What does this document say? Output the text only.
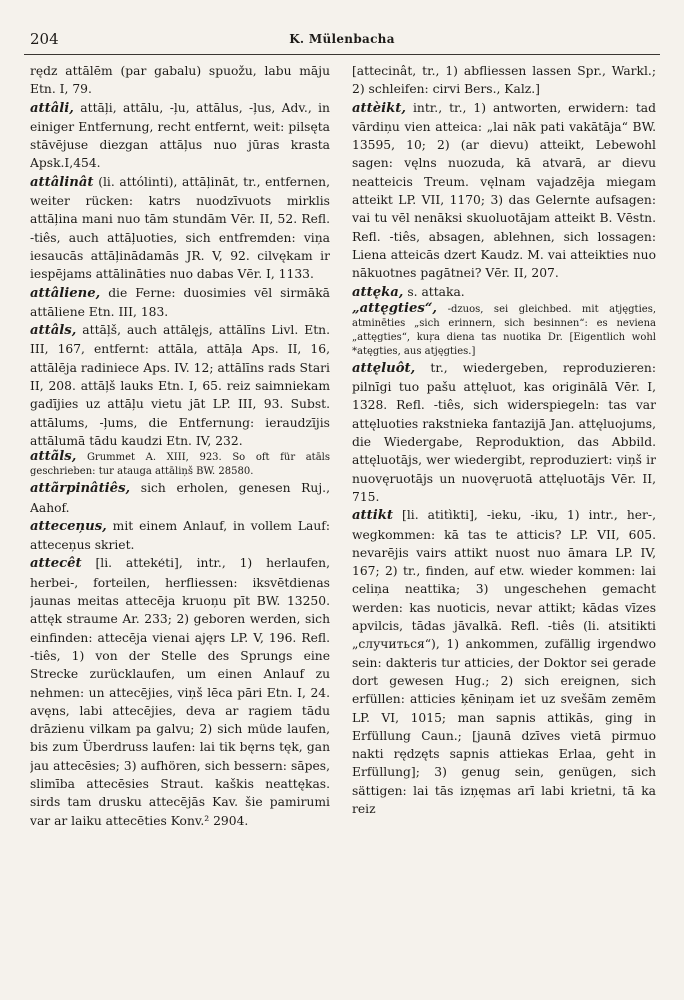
204	K. Mülenbacha

rędz attālēm (par gabalu) spuožu, labu māju Etn. I, 79.

attâli, attāļi, attālu, -ļu, attālus, -ļus, Adv., in einiger Entfernung, recht entfernt, weit: pilsęta stāvējuse diezgan attāļus nuo jūras krasta Apsk.I,454.

attâlinât (li. attólinti), attāļināt, tr., entfernen, weiter rücken: katrs nuodzīvuots mirklis attāļina mani nuo tām stundām Vēr. II, 52. Refl. -tiês, auch attāļuoties, sich entfremden: viņa iesaucās attāļinādamās JR. V, 92. cilvękam ir iespējams attālināties nuo dabas Vēr. I, 1133.

attâliene, die Ferne: duosimies vēl sirmākā attāliene Etn. III, 183.

attâls, attāļš, auch attālęjs, attālīns Livl. Etn. III, 167, entfernt: attāla, attāļa Aps. II, 16, attālēja radiniece Aps. IV. 12; attālīns rads Stari II, 208. attāļš lauks Etn. I, 65. reiz saimniekam gadījies uz attāļu vietu jāt LP. III, 93. Subst. attālums, -ļums, die Entfernung: ieraudzījis attālumā tādu kaudzi Etn. IV, 232.

attãls, Grummet A. XIII, 923. So oft für atāls geschrieben: tur atauga attāliņš BW. 28580.

attãrpinâtiês, sich erholen, genesen Ruj., Aahof.

atteceņus, mit einem Anlauf, in vollem Lauf: atteceņus skriet.

attecêt [li. atteke̒ti], intr., 1) herlaufen, herbei-, forteilen, herfliessen: iksvētdienas jaunas meitas attecēja kruoņu pīt BW. 13250. attęk straume Ar. 233; 2) geboren werden, sich einfinden: attecēja vienai ajęrs LP. V, 196. Refl. -tiês, 1) von der Stelle des Sprungs eine Strecke zurücklaufen, um einen Anlauf zu nehmen: un attecējies, viņš lēca pāri Etn. I, 24. avęns, labi attecējies, deva ar ragiem tādu drāzienu vilkam pa galvu; 2) sich müde laufen, bis zum Überdruss laufen: lai tik bęrns tęk, gan jau attecēsies; 3) aufhören, sich bessern: sāpes, slimība attecēsies Straut. kaškis neattękas. sirds tam drusku attecējās Kav. šie pamirumi var ar laiku attecēties Konv.² 2904.

[attecinât, tr., 1) abfliessen lassen Spr., Warkl.; 2) schleifen: cirvi Bers., Kalz.]

attèikt, intr., tr., 1) antworten, erwidern: tad vārdiņu vien atteica: „lai nāk pati vakātāja“ BW. 13595, 10; 2) (ar dievu) atteikt, Lebewohl sagen: vęlns nuozuda, kā atvarā, ar dievu neatteicis Treum. vęlnam vajadzēja miegam atteikt LP. VII, 1170; 3) das Gelernte aufsagen: vai tu vēl nenāksi skuoluotājam atteikt B. Vēstn. Refl. -tiês, absagen, ablehnen, sich lossagen: Liena atteicās dzert Kaudz. M. vai atteikties nuo nākuotnes pagātnei? Vēr. II, 207.

attęka, s. attaka.

„attęgties“, -dzuos, sei gleichbed. mit atjęgties, atminēties „sich erinnern, sich besinnen“: es neviena „attęgties“, kuŗa diena tas nuotika Dr. [Eigentlich wohl *atęgties, aus atjęgties.]

attęluôt, tr., wiedergeben, reproduzieren: pilnīgi tuo pašu attęluot, kas originālā Vēr. I, 1328. Refl. -tiês, sich widerspiegeln: tas var attęluoties rakstnieka fantazijā Jan. attęluojums, die Wiedergabe, Reproduktion, das Abbild. attęluotājs, wer wiedergibt, reproduziert: viņš ir nuovęruotājs un nuovęruotā attęluotājs Vēr. II, 715.

attikt [li. atitìkti], -ieku, -iku, 1) intr., her-, wegkommen: kā tas te atticis? LP. VII, 605. nevarējis vairs attikt nuost nuo āmara LP. IV, 167; 2) tr., finden, auf etw. wieder kommen: lai celiņa neattika; 3) ungeschehen gemacht werden: kas nuoticis, nevar attikt; kādas vīzes apvilcis, tādas jāvalkā. Refl. -tiês (li. atsitikti „случиться“), 1) ankommen, zufällig irgendwo sein: dakteris tur atticies, der Doktor sei gerade dort gewesen Hug.; 2) sich ereignen, sich erfüllen: atticies ķēniņam iet uz svešām zemēm LP. VI, 1015; man sapnis attikās, ging in Erfüllung Caun.; [jaunā dzīves vietā pirmuo nakti rędzęts sapnis attiekas Erlaa, geht in Erfüllung]; 3) genug sein, genügen, sich sättigen: lai tās izņęmas arī labi krietni, tā ka reiz
